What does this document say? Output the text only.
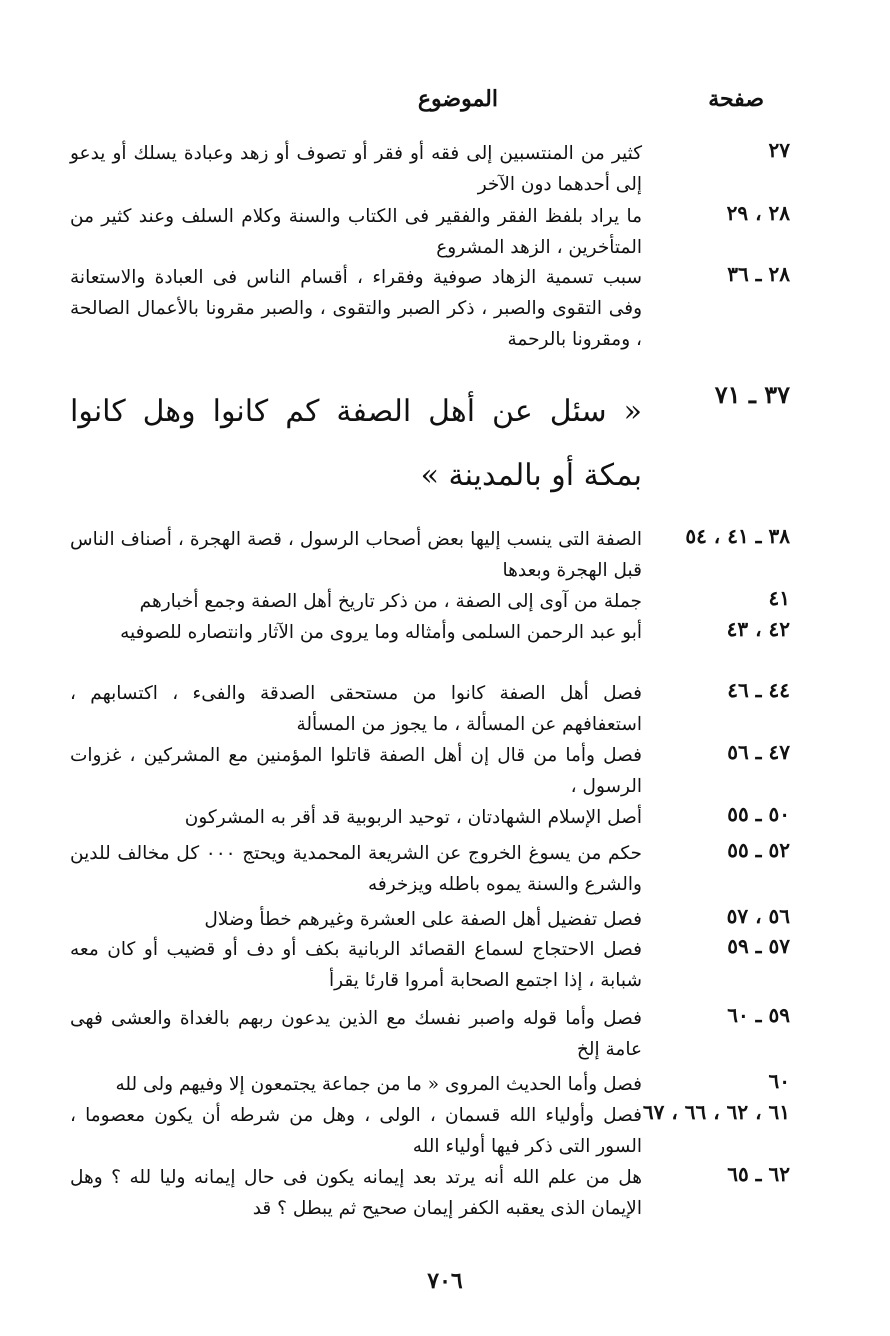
صفحة
الموضوع
٢٧
كثير من المنتسبين إلى فقه أو فقر أو تصوف أو زهد وعبادة يسلك أو يدعو إلى أحدهما دون الآخر
٢٨ ، ٢٩
ما يراد بلفظ الفقر والفقير فى الكتاب والسنة وكلام السلف وعند كثير من المتأخرين ، الزهد المشروع
٢٨ ـ ٣٦
سبب تسمية الزهاد صوفية وفقراء ، أقسام الناس فى العبادة والاستعانة وفى التقوى والصبر ، ذكر الصبر والتقوى ، والصبر مقرونا بالأعمال الصالحة ، ومقرونا بالرحمة
٣٧ ـ ٧١
« سئل عن أهل الصفة كم كانوا وهل كانوا بمكة أو بالمدينة »
٣٨ ـ ٤١ ، ٥٤
الصفة التى ينسب إليها بعض أصحاب الرسول ، قصة الهجرة ، أصناف الناس قبل الهجرة وبعدها
٤١
جملة من آوى إلى الصفة ، من ذكر تاريخ أهل الصفة وجمع أخبارهم
٤٢ ، ٤٣
أبو عبد الرحمن السلمى وأمثاله وما يروى من الآثار وانتصاره للصوفيه
٤٤ ـ ٤٦
فصل أهل الصفة كانوا من مستحقى الصدقة والفىء ، اكتسابهم ، استعفافهم عن المسألة ، ما يجوز من المسألة
٤٧ ـ ٥٦
فصل وأما من قال إن أهل الصفة قاتلوا المؤمنين مع المشركين ، غزوات الرسول ،
٥٠ ـ ٥٥
أصل الإسلام الشهادتان ، توحيد الربوبية قد أقر به المشركون
٥٢ ـ ٥٥
حكم من يسوغ الخروج عن الشريعة المحمدية ويحتج ٠٠٠ كل مخالف للدين والشرع والسنة يموه باطله ويزخرفه
٥٦ ، ٥٧
فصل تفضيل أهل الصفة على العشرة وغيرهم خطأ وضلال
٥٧ ـ ٥٩
فصل الاحتجاج لسماع القصائد الربانية بكف أو دف أو قضيب أو كان معه شبابة ، إذا اجتمع الصحابة أمروا قارئا يقرأ
٥٩ ـ ٦٠
فصل وأما قوله واصبر نفسك مع الذين يدعون ربهم بالغداة والعشى فهى عامة إلخ
٦٠
فصل وأما الحديث المروى « ما من جماعة يجتمعون إلا وفيهم ولى لله
٦١ ، ٦٢ ، ٦٦ ، ٦٧
فصل وأولياء الله قسمان ، الولى ، وهل من شرطه أن يكون معصوما ، السور التى ذكر فيها أولياء الله
٦٢ ـ ٦٥
هل من علم الله أنه يرتد بعد إيمانه يكون فى حال إيمانه وليا لله ؟ وهل الإيمان الذى يعقبه الكفر إيمان صحيح ثم يبطل ؟ قد
٧٠٦
